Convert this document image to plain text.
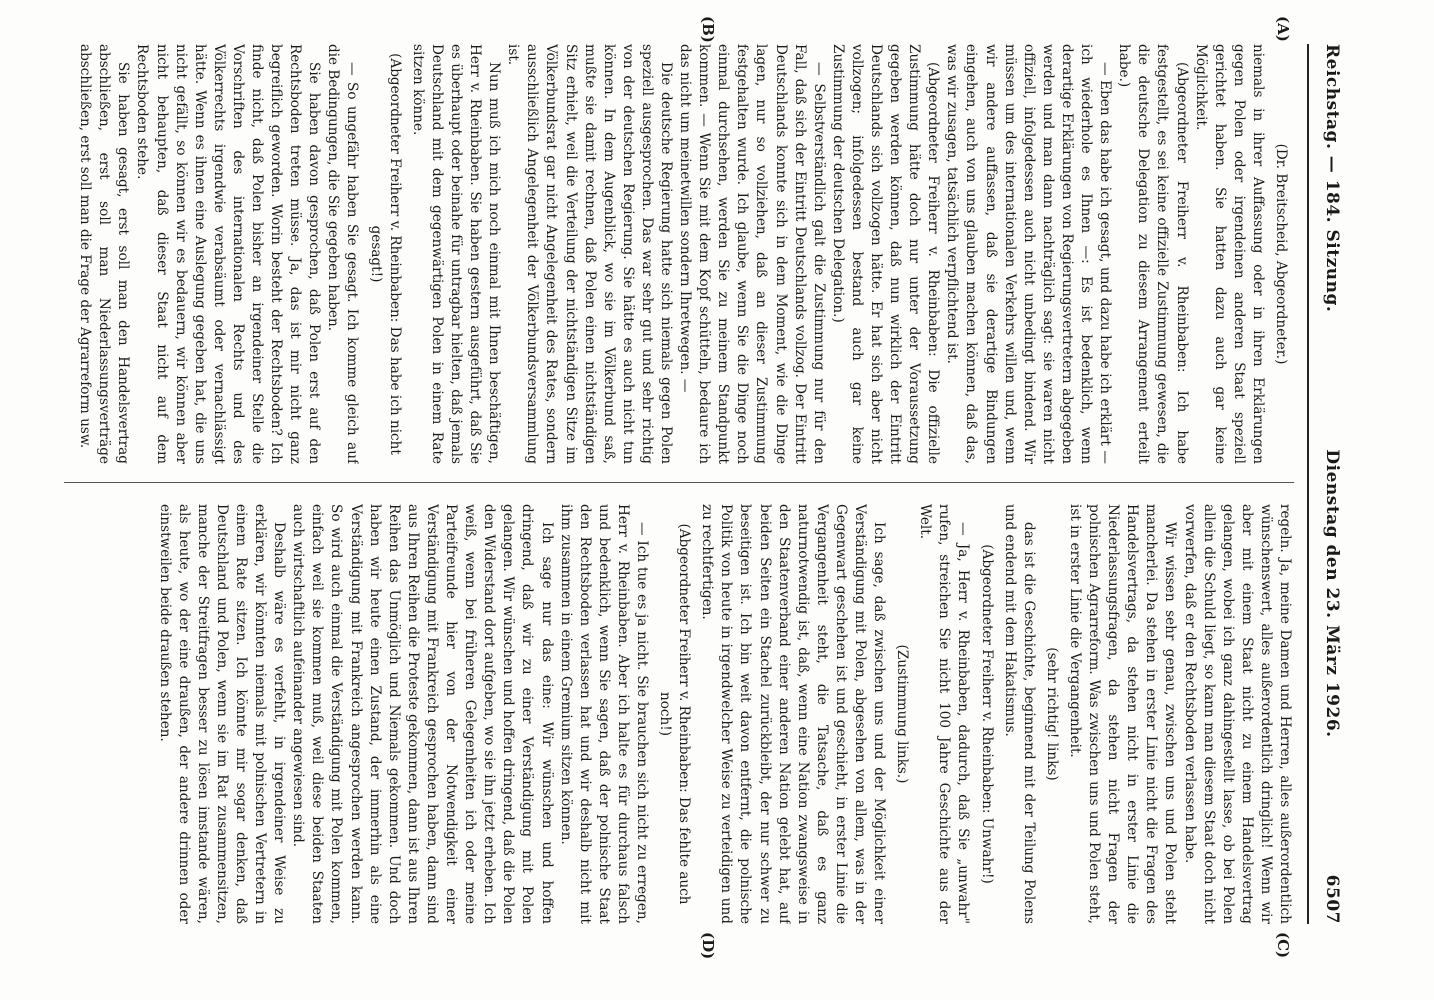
Reichstag. — 184. Sitzung.
Dienstag den 23. März 1926.
6507
(A)
(B)
(C)
(D)

(Dr. Breitscheid, Abgeordneter.)

niemals in ihrer Auffassung oder in ihren Erklärungen gegen Polen oder irgendeinen anderen Staat speziell gerichtet haben. Sie hatten dazu auch gar keine Möglichkeit.

(Abgeordneter Freiherr v. Rheinbaben: Ich habe festgestellt, es sei keine offizielle Zustimmung gewesen, die die deutsche Delegation zu diesem Arrangement erteilt habe.)

— Eben das habe ich gesagt, und dazu habe ich erklärt — ich wiederhole es Ihnen —: Es ist bedenklich, wenn derartige Erklärungen von Regierungsvertretern abgegeben werden und man dann nachträglich sagt: sie waren nicht offiziell, infolgedessen auch nicht unbedingt bindend. Wir müssen um des internationalen Verkehrs willen und, wenn wir andere auffassen, daß sie derartige Bindungen eingehen, auch von uns glauben machen können, daß das, was wir zusagen, tatsächlich verpflichtend ist.

(Abgeordneter Freiherr v. Rheinbaben: Die offizielle Zustimmung hätte doch nur unter der Voraussetzung gegeben werden können, daß nun wirklich der Eintritt Deutschlands sich vollzogen hätte. Er hat sich aber nicht vollzogen; infolgedessen bestand auch gar keine Zustimmung der deutschen Delegation.)

— Selbstverständlich galt die Zustimmung nur für den Fall, daß sich der Eintritt Deutschlands vollzog. Der Eintritt Deutschlands konnte sich in dem Moment, wie die Dinge lagen, nur so vollziehen, daß an dieser Zustimmung festgehalten wurde. Ich glaube, wenn Sie die Dinge noch einmal durchsehen, werden Sie zu meinem Standpunkt kommen. — Wenn Sie mit dem Kopf schütteln, bedaure ich das nicht um meinetwillen sondern Ihretwegen. —

Die deutsche Regierung hatte sich niemals gegen Polen speziell ausgesprochen. Das war sehr gut und sehr richtig von der deutschen Regierung. Sie hätte es auch nicht tun können. In dem Augenblick, wo sie im Völkerbund saß, mußte sie damit rechnen, daß Polen einen nichtständigen Sitz erhielt, weil die Verteilung der nichtständigen Sitze im Völkerbundsrat gar nicht Angelegenheit des Rates, sondern ausschließlich Angelegenheit der Völkerbundsversammlung ist.

Nun muß ich mich noch einmal mit Ihnen beschäftigen, Herr v. Rheinbaben. Sie haben gestern ausgeführt, daß Sie es überhaupt oder beinahe für untragbar hielten, daß jemals Deutschland mit dem gegenwärtigen Polen in einem Rate sitzen könne.

(Abgeordneter Freiherr v. Rheinbaben: Das habe ich nicht gesagt!)

— So ungefähr haben Sie gesagt. Ich komme gleich auf die Bedingungen, die Sie gegeben haben.

Sie haben davon gesprochen, daß Polen erst auf den Rechtsboden treten müsse. Ja, das ist mir nicht ganz begreiflich geworden. Worin besteht der Rechtsboden? Ich finde nicht, daß Polen bisher an irgendeiner Stelle die Vorschriften des internationalen Rechts und des Völkerrechts irgendwie verabsäumt oder vernachlässigt hätte. Wenn es ihnen eine Auslegung gegeben hat, die uns nicht gefällt, so können wir es bedauern, wir können aber nicht behaupten, daß dieser Staat nicht auf dem Rechtsboden stehe.

Sie haben gesagt, erst soll man den Handelsvertrag abschließen, erst soll man Niederlassungsverträge abschließen, erst soll man die Frage der Agrarreform usw.

regeln. Ja, meine Damen und Herren, alles außerordentlich wünschenswert, alles außerordentlich dringlich! Wenn wir aber mit einem Staat nicht zu einem Handelsvertrag gelangen, wobei ich ganz dahingestellt lasse, ob bei Polen allein die Schuld liegt, so kann man diesem Staat doch nicht vorwerfen, daß er den Rechtsboden verlassen habe.

Wir wissen sehr genau, zwischen uns und Polen steht mancherlei. Da stehen in erster Linie nicht die Fragen des Handelsvertrags, da stehen nicht in erster Linie die Niederlassungsfragen, da stehen nicht Fragen der polnischen Agrarreform. Was zwischen uns und Polen steht, ist in erster Linie die Vergangenheit.

(sehr richtig! links)

das ist die Geschichte, beginnend mit der Teilung Polens und endend mit dem Hakatismus.

(Abgeordneter Freiherr v. Rheinbaben: Unwahr!)

— Ja, Herr v. Rheinbaben, dadurch, daß Sie „unwahr" rufen, streichen Sie nicht 100 Jahre Geschichte aus der Welt.

(Zustimmung links.)

Ich sage, daß zwischen uns und der Möglichkeit einer Verständigung mit Polen, abgesehen von allem, was in der Gegenwart geschehen ist und geschieht, in erster Linie die Vergangenheit steht, die Tatsache, daß es ganz naturnotwendig ist, daß, wenn eine Nation zwangsweise in den Staatenverband einer anderen Nation gelebt hat, auf beiden Seiten ein Stachel zurückbleibt, der nur schwer zu beseitigen ist. Ich bin weit davon entfernt, die polnische Politik von heute in irgendwelcher Weise zu verteidigen und zu rechtfertigen.

(Abgeordneter Freiherr v. Rheinbaben: Das fehlte auch noch!)

— Ich tue es ja nicht. Sie brauchen sich nicht zu erregen, Herr v. Rheinbaben. Aber ich halte es für durchaus falsch und bedenklich, wenn Sie sagen, daß der polnische Staat den Rechtsboden verlassen hat und wir deshalb nicht mit ihm zusammen in einem Gremium sitzen können.

Ich sage nur das eine: Wir wünschen und hoffen dringend, daß wir zu einer Verständigung mit Polen gelangen. Wir wünschen und hoffen dringend, daß die Polen den Widerstand dort aufgeben, wo sie ihn jetzt erheben. Ich weiß, wenn bei früheren Gelegenheiten ich oder meine Parteifreunde hier von der Notwendigkeit einer Verständigung mit Frankreich gesprochen haben, dann sind aus Ihren Reihen die Proteste gekommen, dann ist aus Ihren Reihen das Unmöglich und Niemals gekommen. Und doch haben wir heute einen Zustand, der immerhin als eine Verständigung mit Frankreich angesprochen werden kann. So wird auch einmal die Verständigung mit Polen kommen, einfach weil sie kommen muß, weil diese beiden Staaten auch wirtschaftlich aufeinander angewiesen sind.

Deshalb wäre es verfehlt, in irgendeiner Weise zu erklären, wir könnten niemals mit polnischen Vertretern in einem Rate sitzen. Ich könnte mir sogar denken, daß Deutschland und Polen, wenn sie im Rat zusammensitzen, manche der Streitfragen besser zu lösen imstande wären, als heute, wo der eine draußen, der andere drinnen oder einstweilen beide draußen stehen.
